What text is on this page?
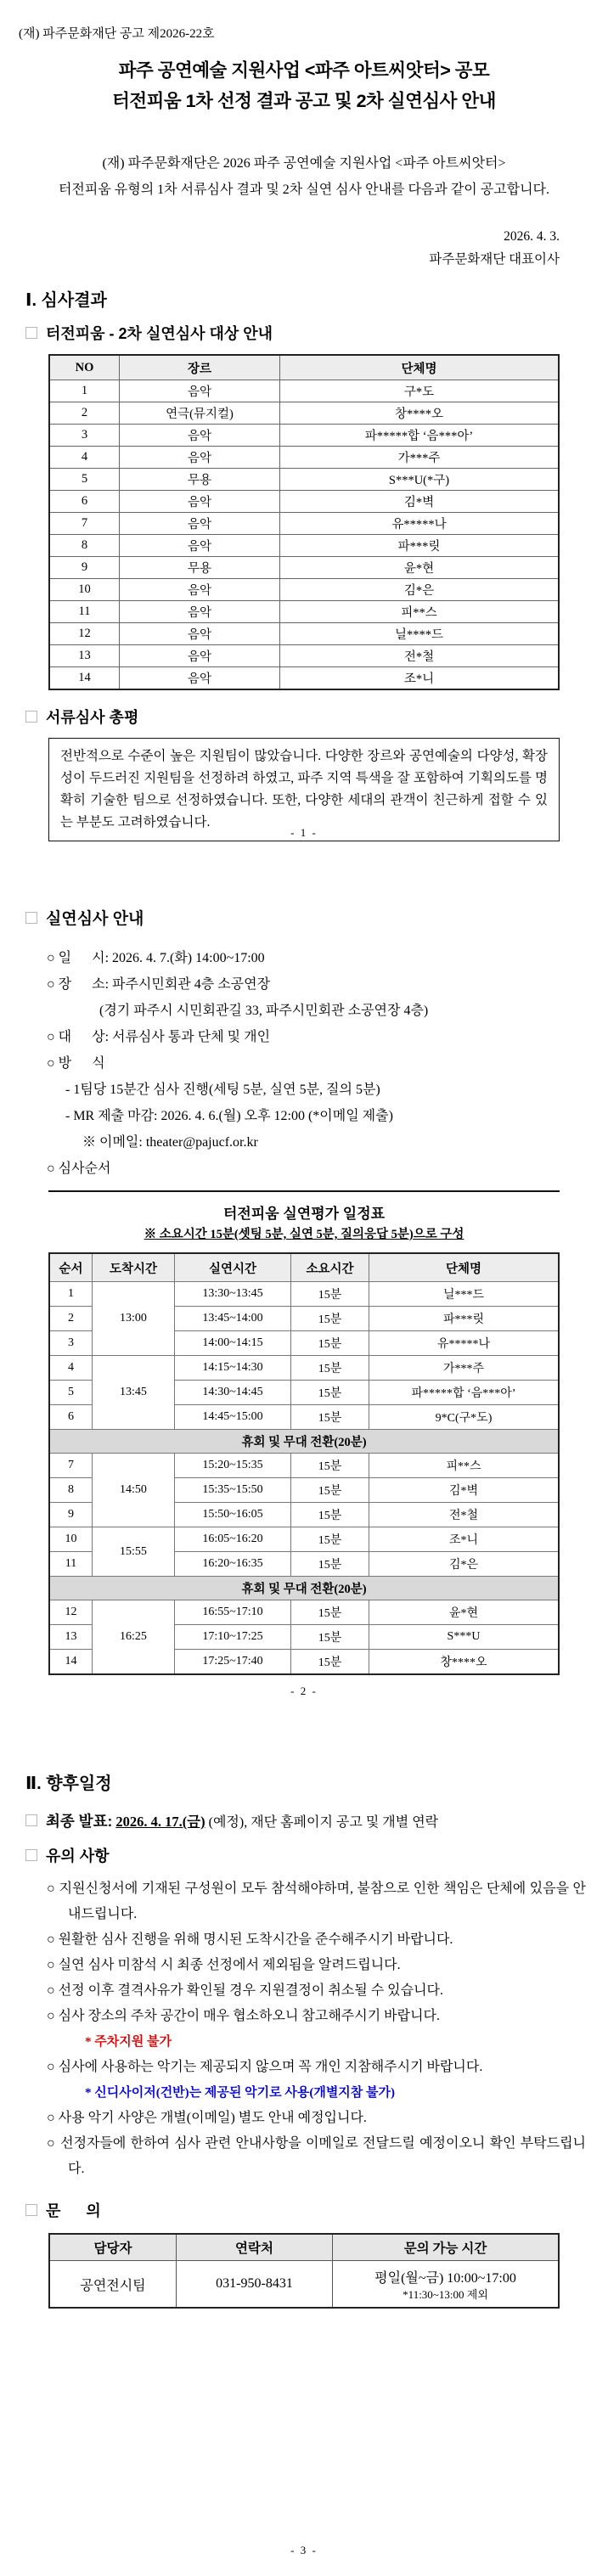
(재) 파주문화재단 공고 제2026-22호
파주 공연예술 지원사업 <파주 아트씨앗터> 공모
터전피움 1차 선정 결과 공고 및 2차 실연심사 안내
(재) 파주문화재단은 2026 파주 공연예술 지원사업 <파주 아트씨앗터>
터전피움 유형의 1차 서류심사 결과 및 2차 실연 심사 안내를 다음과 같이 공고합니다.
2026. 4. 3.
파주문화재단 대표이사
Ⅰ. 심사결과
터전피움 - 2차 실연심사 대상 안내
NO	장르	단체명
1	음악	구*도
2	연극(뮤지컬)	창****오
3	음악	파*****합 ‘음***아’
4	음악	가***주
5	무용	S***U(*구)
6	음악	김*벽
7	음악	유*****나
8	음악	파***릿
9	무용	윤*현
10	음악	김*은
11	음악	피**스
12	음악	닐****드
13	음악	전*철
14	음악	조*니
서류심사 총평
전반적으로 수준이 높은 지원팀이 많았습니다. 다양한 장르와 공연예술의 다양성, 확장성이 두드러진 지원팀을 선정하려 하였고, 파주 지역 특색을 잘 포함하여 기획의도를 명확히 기술한 팀으로 선정하였습니다. 또한, 다양한 세대의 관객이 친근하게 접할 수 있는 부분도 고려하였습니다.
- 1 -
실연심사 안내
○ 일      시: 2026. 4. 7.(화) 14:00~17:00
○ 장      소: 파주시민회관 4층 소공연장
(경기 파주시 시민회관길 33, 파주시민회관 소공연장 4층)
○ 대      상: 서류심사 통과 단체 및 개인
○ 방      식
- 1팀당 15분간 심사 진행(세팅 5분, 실연 5분, 질의 5분)
- MR 제출 마감: 2026. 4. 6.(월) 오후 12:00 (*이메일 제출)
※ 이메일: theater@pajucf.or.kr
○ 심사순서
터전피움 실연평가 일정표
※ 소요시간 15분(셋팅 5분, 실연 5분, 질의응답 5분)으로 구성
순서	도착시간	실연시간	소요시간	단체명
1	13:00	13:30~13:45	15분	닐***드
2		13:45~14:00	15분	파***릿
3		14:00~14:15	15분	유*****나
4	13:45	14:15~14:30	15분	가***주
5		14:30~14:45	15분	파*****합 ‘음***아’
6		14:45~15:00	15분	9*C(구*도)
휴회 및 무대 전환(20분)				
7	14:50	15:20~15:35	15분	피**스
8		15:35~15:50	15분	김*벽
9		15:50~16:05	15분	전*철
10	15:55	16:05~16:20	15분	조*니
11		16:20~16:35	15분	김*은
휴회 및 무대 전환(20분)				
12	16:25	16:55~17:10	15분	윤*현
13		17:10~17:25	15분	S***U
14		17:25~17:40	15분	창****오
- 2 -
Ⅱ. 향후일정
최종 발표: 2026. 4. 17.(금) (예정), 재단 홈페이지 공고 및 개별 연락
유의 사항
○ 지원신청서에 기재된 구성원이 모두 참석해야하며, 불참으로 인한 책임은 단체에 있음을 안내드립니다.
○ 원활한 심사 진행을 위해 명시된 도착시간을 준수해주시기 바랍니다.
○ 실연 심사 미참석 시 최종 선정에서 제외됨을 알려드립니다.
○ 선정 이후 결격사유가 확인될 경우 지원결정이 취소될 수 있습니다.
○ 심사 장소의 주차 공간이 매우 협소하오니 참고해주시기 바랍니다.
* 주차지원 불가
○ 심사에 사용하는 악기는 제공되지 않으며 꼭 개인 지참해주시기 바랍니다.
* 신디사이저(건반)는 제공된 악기로 사용(개별지참 불가)
○ 사용 악기 사양은 개별(이메일) 별도 안내 예정입니다.
○ 선정자들에 한하여 심사 관련 안내사항을 이메일로 전달드릴 예정이오니 확인 부탁드립니다.
문      의
담당자	연락처	문의 가능 시간
공연전시팀	031-950-8431	평일(월~금) 10:00~17:00
*11:30~13:00 제외
- 3 -
